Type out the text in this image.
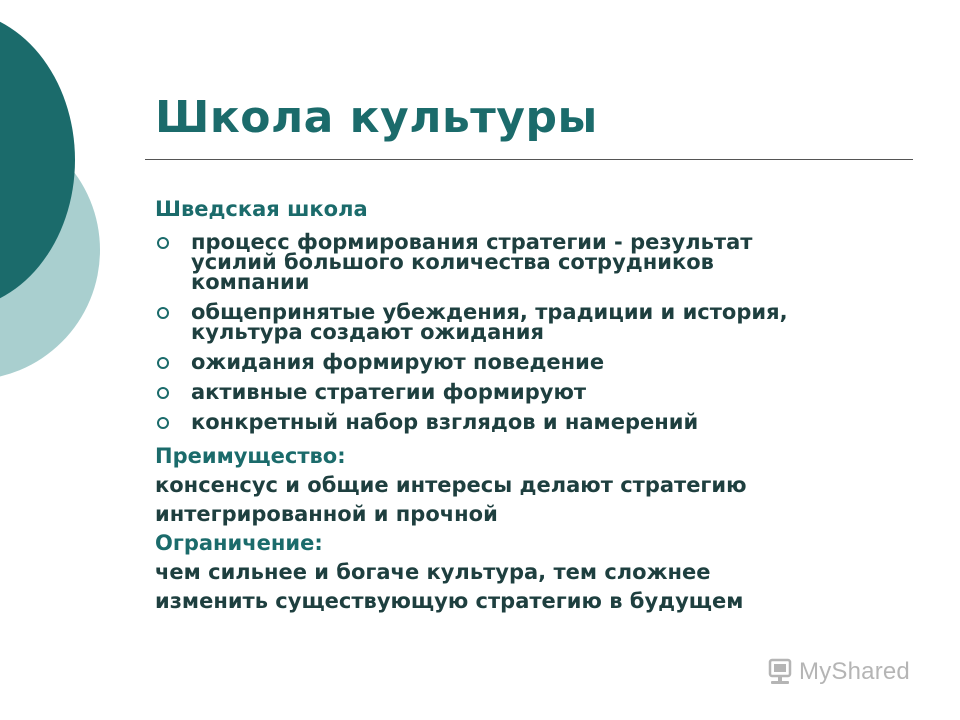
Школа культуры
Шведская школа
процесс формирования стратегии - результат
усилий большого количества сотрудников
компании
общепринятые убеждения, традиции и история,
культура создают ожидания
ожидания формируют поведение
активные стратегии формируют
конкретный набор взглядов и намерений
Преимущество:
консенсус и общие интересы делают стратегию
интегрированной и прочной
Ограничение:
чем сильнее и богаче культура, тем сложнее
изменить существующую стратегию в будущем
MyShared
